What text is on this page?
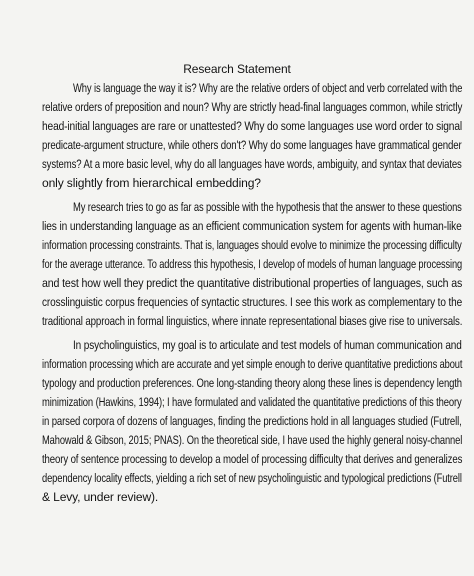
Research Statement
Why is language the way it is? Why are the relative orders of object and verb correlated with the
relative orders of preposition and noun? Why are strictly head-final languages common, while strictly
head-initial languages are rare or unattested? Why do some languages use word order to signal
predicate-argument structure, while others don't? Why do some languages have grammatical gender
systems? At a more basic level, why do all languages have words, ambiguity, and syntax that deviates
only slightly from hierarchical embedding?
My research tries to go as far as possible with the hypothesis that the answer to these questions
lies in understanding language as an efficient communication system for agents with human-like
information processing constraints. That is, languages should evolve to minimize the processing difficulty
for the average utterance. To address this hypothesis, I develop of models of human language processing
and test how well they predict the quantitative distributional properties of languages, such as
crosslinguistic corpus frequencies of syntactic structures. I see this work as complementary to the
traditional approach in formal linguistics, where innate representational biases give rise to universals.
In psycholinguistics, my goal is to articulate and test models of human communication and
information processing which are accurate and yet simple enough to derive quantitative predictions about
typology and production preferences. One long-standing theory along these lines is dependency length
minimization (Hawkins, 1994); I have formulated and validated the quantitative predictions of this theory
in parsed corpora of dozens of languages, finding the predictions hold in all languages studied (Futrell,
Mahowald & Gibson, 2015; PNAS). On the theoretical side, I have used the highly general noisy-channel
theory of sentence processing to develop a model of processing difficulty that derives and generalizes
dependency locality effects, yielding a rich set of new psycholinguistic and typological predictions (Futrell
& Levy, under review).
